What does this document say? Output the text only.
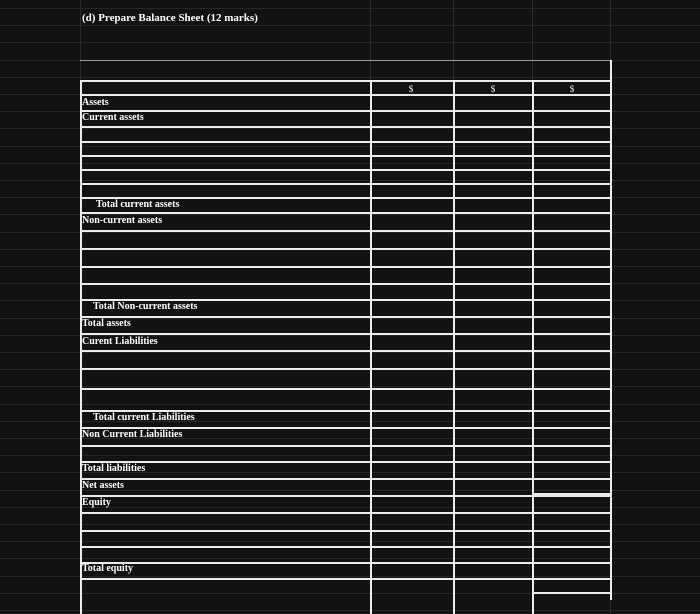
(d) Prepare Balance Sheet (12 marks)
$	$	$
Assets
Current assets
Total current assets
Non-current assets
Total Non-current assets
Total assets
Curent Liabilities
Total current Liabilities
Non Current Liabilities
Total liabilities
Net assets
Equity
Total equity
